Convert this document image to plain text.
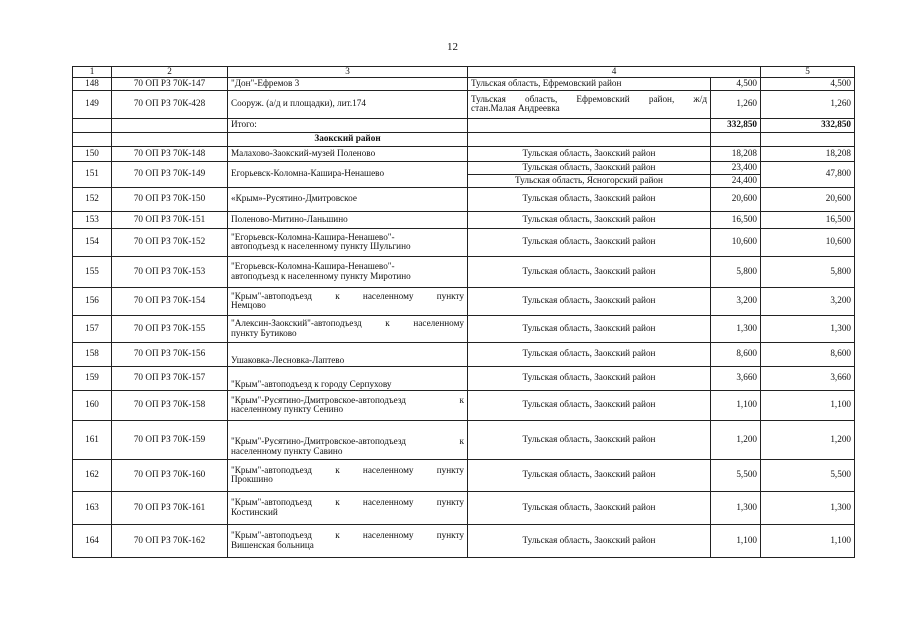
12
1	2	3	4		5
148	70 ОП РЗ 70К-147	"Дон"-Ефремов 3	Тульская область, Ефремовский район	4,500	4,500
149	70 ОП РЗ 70К-428	Сооруж. (а/д и площадки), лит.174	Тульская область, Ефремовский район, ж/д
стан.Малая Андреевка	1,260	1,260
		Итого:		332,850	332,850
		Заокский район			
150	70 ОП РЗ 70К-148	Малахово-Заокский-музей Поленово	Тульская область, Заокский район	18,208	18,208
151	70 ОП РЗ 70К-149	Егорьевск-Коломна-Кашира-Ненашево	Тульская область, Заокский район	23,400	47,800
			Тульская область, Ясногорский район	24,400	
152	70 ОП РЗ 70К-150	«Крым»-Русятино-Дмитровское	Тульская область, Заокский район	20,600	20,600
153	70 ОП РЗ 70К-151	Поленово-Митино-Ланьшино	Тульская область, Заокский район	16,500	16,500
154	70 ОП РЗ 70К-152	"Егорьевск-Коломна-Кашира-Ненашево"-
автоподъезд к населенному пункту Шульгино	Тульская область, Заокский район	10,600	10,600
155	70 ОП РЗ 70К-153	"Егорьевск-Коломна-Кашира-Ненашево"-
автоподъезд к населенному пункту Миротино	Тульская область, Заокский район	5,800	5,800
156	70 ОП РЗ 70К-154	"Крым"-автоподъезд к населенному пункту
Немцово	Тульская область, Заокский район	3,200	3,200
157	70 ОП РЗ 70К-155	"Алексин-Заокский"-автоподъезд к населенному
пункту Бутиково	Тульская область, Заокский район	1,300	1,300
158	70 ОП РЗ 70К-156	Ушаковка-Лесновка-Лаптево	Тульская область, Заокский район	8,600	8,600
159	70 ОП РЗ 70К-157	"Крым"-автоподъезд к городу Серпухову	Тульская область, Заокский район	3,660	3,660
160	70 ОП РЗ 70К-158	"Крым"-Русятино-Дмитровское-автоподъезд к
населенному пункту Сенино	Тульская область, Заокский район	1,100	1,100
161	70 ОП РЗ 70К-159	"Крым"-Русятино-Дмитровское-автоподъезд к
населенному пункту Савино	Тульская область, Заокский район	1,200	1,200
162	70 ОП РЗ 70К-160	"Крым"-автоподъезд к населенному пункту
Прокшино	Тульская область, Заокский район	5,500	5,500
163	70 ОП РЗ 70К-161	"Крым"-автоподъезд к населенному пункту
Костинский	Тульская область, Заокский район	1,300	1,300
164	70 ОП РЗ 70К-162	"Крым"-автоподъезд к населенному пункту
Вишенская больница	Тульская область, Заокский район	1,100	1,100
